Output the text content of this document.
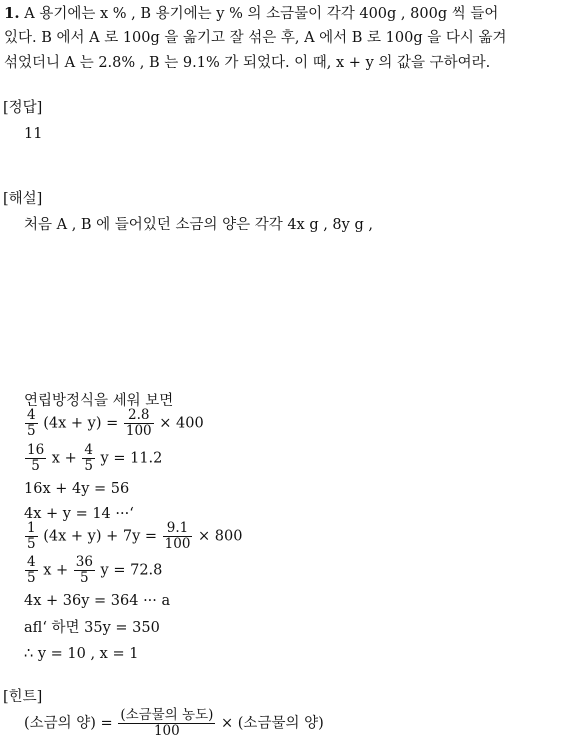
1. A 용기에는 x % , B 용기에는 y % 의 소금물이 각각 400g , 800g 씩 들어
있다. B 에서 A 로 100g 을 옮기고 잘 섞은 후, A 에서 B 로 100g 을 다시 옮겨
섞었더니 A 는 2.8% , B 는 9.1% 가 되었다. 이 때, x + y 의 값을 구하여라.
[정답]
11
[해설]
처음 A , B 에 들어있던 소금의 양은 각각 4x g , 8y g ,
연립방정식을 세워 보면
$\frac{4}{5} (4x + y) = \frac{2.8}{100} \times 400$
$\frac{16}{5}$ $x + \frac{4}{5}$ y = 11.2
16x + 4y = 56
4x + y = 14 ···‘
$\frac{1}{5} (4x + y) + 7y = \frac{9.1}{100} \times 800$
$\frac{4}{5}$ $x + \frac{36}{5}$ y = 72.8
4x + 36y = 364 ··· a
afl‘ 하면 35y = 350
∴ y = 10 , x = 1
[힌트]
(소금의 양) = $\frac{\text{(소금물의 농도)}}{100}$ × (소금물의 양)
